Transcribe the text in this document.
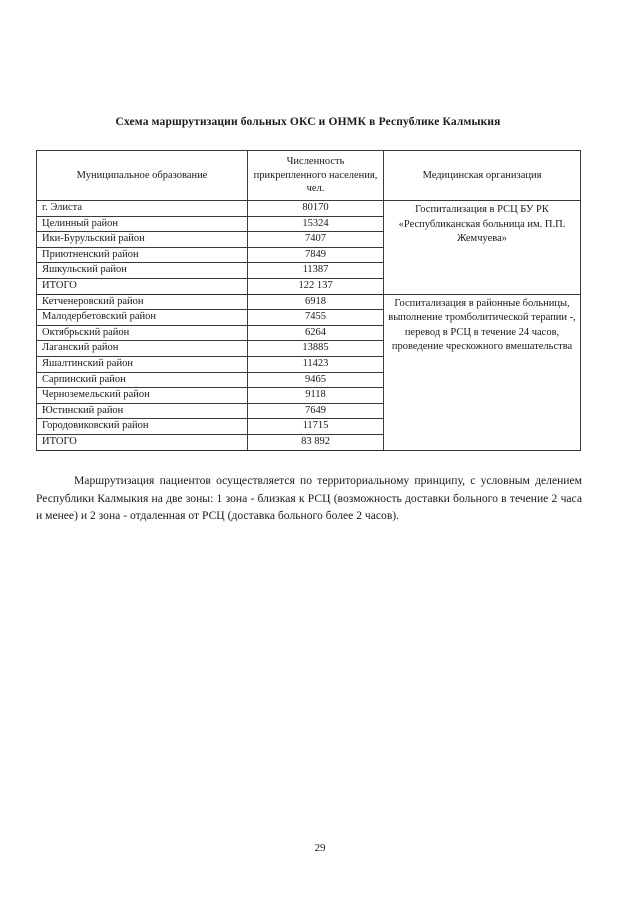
Схема маршрутизации больных ОКС и ОНМК в Республике Калмыкия
Муниципальное образование	Численность прикрепленного населения, чел.	Медицинская организация
г. Элиста	80170	Госпитализация в РСЦ БУ РК «Республиканская больница им. П.П. Жемчуева»
Целинный район	15324	
Ики-Бурульский район	7407	
Приютненский район	7849	
Яшкульский район	11387	
ИТОГО	122 137	
Кетченеровский район	6918	Госпитализация в районные больницы, выполнение тромболитической терапии -, перевод в РСЦ в течение 24 часов, проведение чрескожного вмешательства
Малодербетовский район	7455	
Октябрьский район	6264	
Лаганский район	13885	
Яшалтинский район	11423	
Сарпинский район	9465	
Черноземельский район	9118	
Юстинский район	7649	
Городовиковский район	11715	
ИТОГО	83 892	
Маршрутизация пациентов осуществляется по территориальному принципу, с условным делением Республики Калмыкия на две зоны: 1 зона - близкая к РСЦ (возможность доставки больного в течение 2 часа и менее) и 2 зона - отдаленная от РСЦ (доставка больного более 2 часов).
29
